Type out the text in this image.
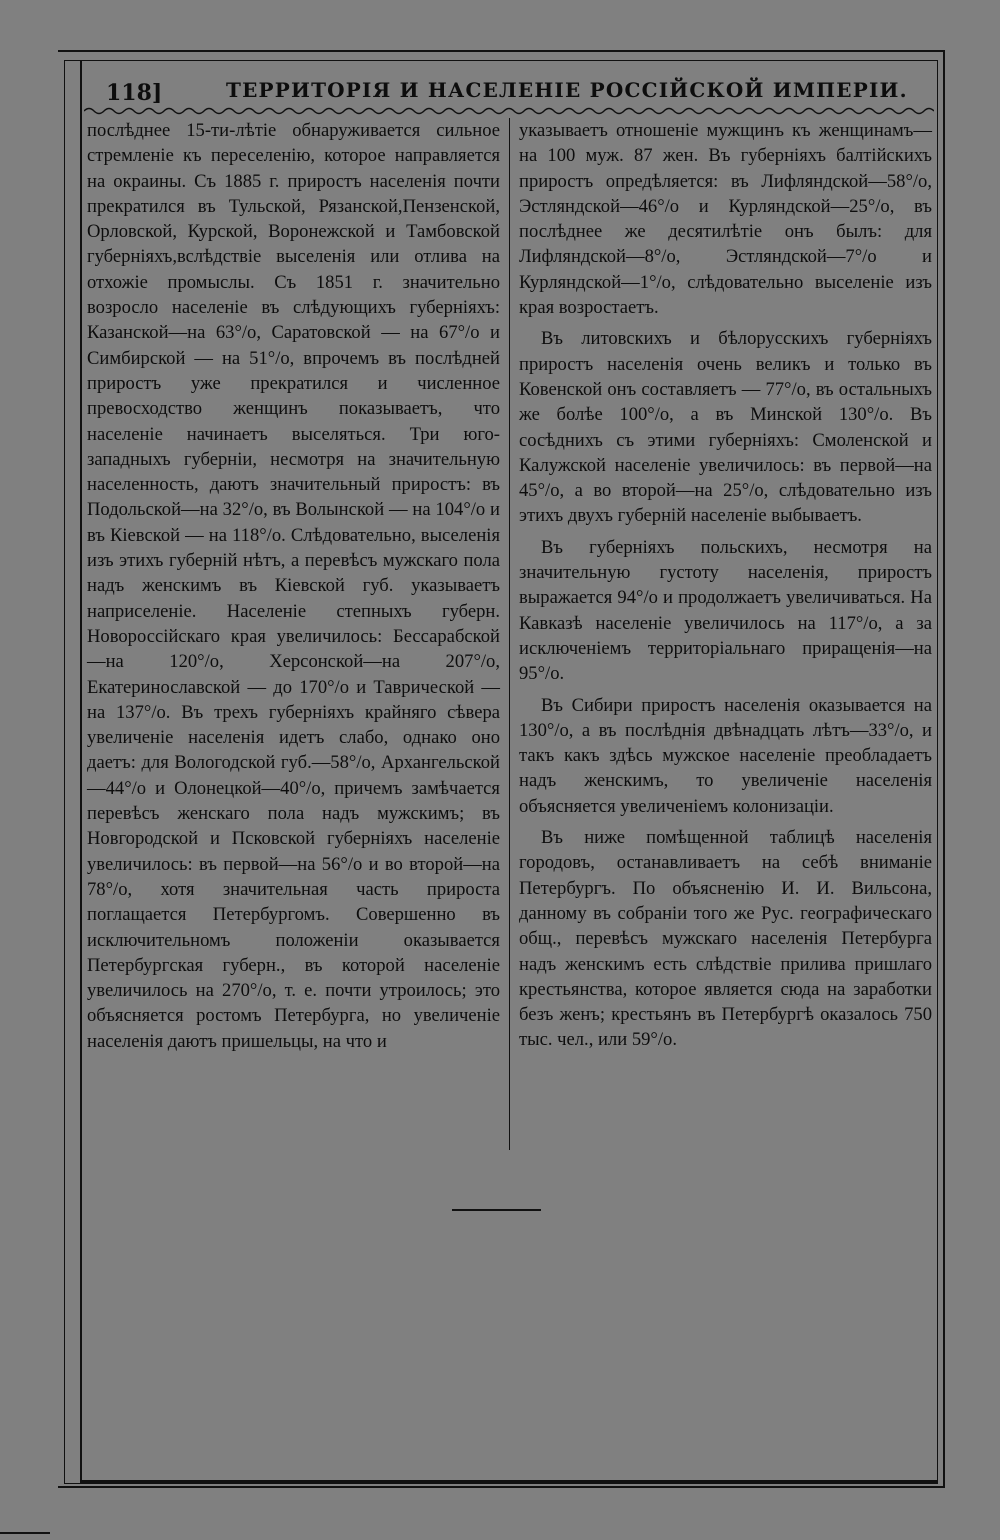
118]	ТЕРРИТОРІЯ И НАСЕЛЕНІЕ РОССІЙСКОЙ ИМПЕРІИ.

послѣднее 15-ти-лѣтіе обнаруживается сильное стремленіе къ переселенію, которое направляется на окраины. Съ 1885 г. приростъ населенія почти прекратился въ Тульской, Рязанской,Пензенской, Орловской, Курской, Воронежской и Тамбовской губерніяхъ,вслѣдствіе выселенія или отлива на отхожіе промыслы. Съ 1851 г. значительно возросло населеніе въ слѣдующихъ губерніяхъ: Казанской—на 63°/о, Саратовской — на 67°/о и Симбирской — на 51°/о, впрочемъ въ послѣдней приростъ уже прекратился и численное превосходство женщинъ показываетъ, что населеніе начинаетъ выселяться. Три юго-западныхъ губерніи, несмотря на значительную населенность, даютъ значительный приростъ: въ Подольской—на 32°/о, въ Волынской — на 104°/о и въ Кіевской — на 118°/о. Слѣдовательно, выселенія изъ этихъ губерній нѣтъ, а перевѣсъ мужскаго пола надъ женскимъ въ Кіевской губ. указываетъ наприселеніе. Населеніе степныхъ губерн. Новороссійскаго края увеличилось: Бессарабской—на 120°/о, Херсонской—на 207°/о, Екатеринославской — до 170°/о и Таврической — на 137°/о. Въ трехъ губерніяхъ крайняго сѣвера увеличеніе населенія идетъ слабо, однако оно даетъ: для Вологодской губ.—58°/о, Архангельской—44°/о и Олонецкой—40°/о, причемъ замѣчается перевѣсъ женскаго пола надъ мужскимъ; въ Новгородской и Псковской губерніяхъ населеніе увеличилось: въ первой—на 56°/о и во второй—на 78°/о, хотя значительная часть прироста поглащается Петербургомъ. Совершенно въ исключительномъ положеніи оказывается Петербургская губерн., въ которой населеніе увеличилось на 270°/о, т. е. почти утроилось; это объясняется ростомъ Петербурга, но увеличеніе населенія даютъ пришельцы, на что и

указываетъ отношеніе мужщинъ къ женщинамъ—на 100 муж. 87 жен. Въ губерніяхъ балтійскихъ приростъ опредѣляется: въ Лифляндской—58°/о, Эстляндской—46°/о и Курляндской—25°/о, въ послѣднее же десятилѣтіе онъ былъ: для Лифляндской—8°/о, Эстляндской—7°/о и Курляндской—1°/о, слѣдовательно выселеніе изъ края возростаетъ.

Въ литовскихъ и бѣлорусскихъ губерніяхъ приростъ населенія очень великъ и только въ Ковенской онъ составляетъ — 77°/о, въ остальныхъ же болѣе 100°/о, а въ Минской 130°/о. Въ сосѣднихъ съ этими губерніяхъ: Смоленской и Калужской населеніе увеличилось: въ первой—на 45°/о, а во второй—на 25°/о, слѣдовательно изъ этихъ двухъ губерній населеніе выбываетъ.

Въ губерніяхъ польскихъ, несмотря на значительную густоту населенія, приростъ выражается 94°/о и продолжаетъ увеличиваться. На Кавказѣ населеніе увеличилось на 117°/о, а за исключеніемъ территоріальнаго приращенія—на 95°/о.

Въ Сибири приростъ населенія оказывается на 130°/о, а въ послѣднія двѣнадцать лѣтъ—33°/о, и такъ какъ здѣсь мужское населеніе преобладаетъ надъ женскимъ, то увеличеніе населенія объясняется увеличеніемъ колонизаціи.

Въ ниже помѣщенной таблицѣ населенія городовъ, останавливаетъ на себѣ вниманіе Петербургъ. По объясненію И. И. Вильсона, данному въ собраніи того же Рус. географическаго общ., перевѣсъ мужскаго населенія Петербурга надъ женскимъ есть слѣдствіе прилива пришлаго крестьянства, которое является сюда на заработки безъ женъ; крестьянъ въ Петербургѣ оказалось 750 тыс. чел., или 59°/о.
